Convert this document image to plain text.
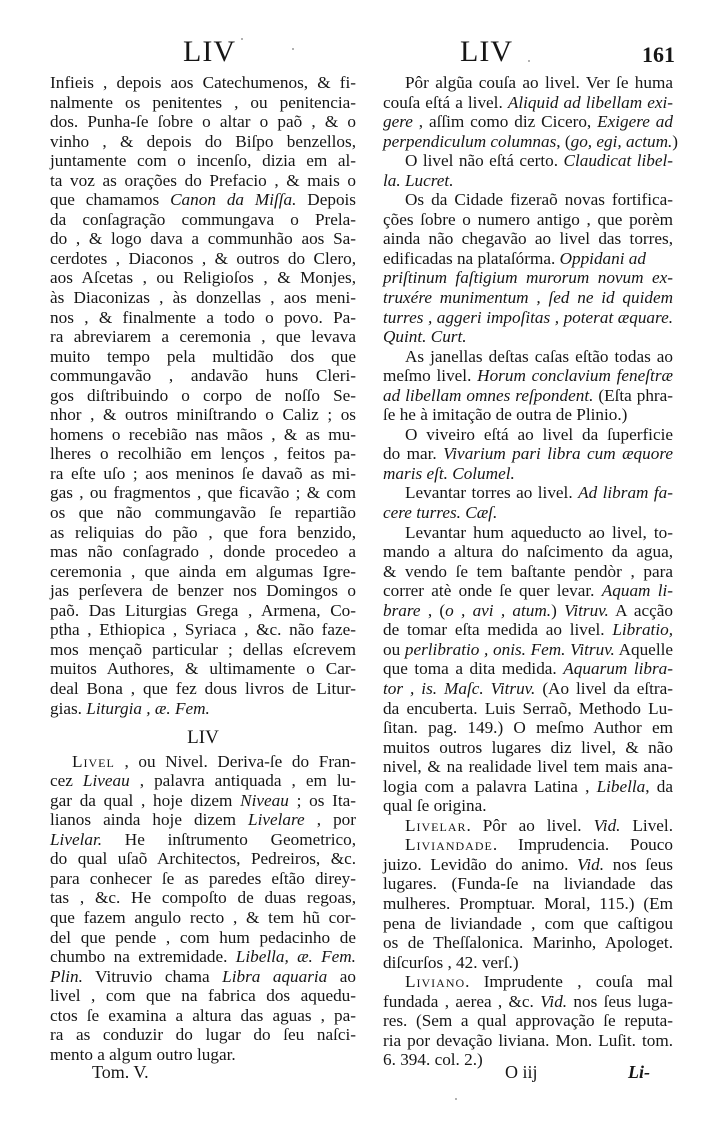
LIV	LIV	161
Infieis , depois aos Catechumenos, & fi-
nalmente os penitentes , ou penitencia-
dos. Punha-ſe ſobre o altar o paõ , & o
vinho , & depois do Biſpo benzellos,
juntamente com o incenſo, dizia em al-
ta voz as orações do Prefacio , & mais o
que chamamos Canon da Miſſa. Depois
da conſagração commungava o Prela-
do , & logo dava a communhão aos Sa-
cerdotes , Diaconos , & outros do Clero,
aos Aſcetas , ou Religioſos , & Monjes,
às Diaconizas , às donzellas , aos meni-
nos , & finalmente a todo o povo. Pa-
ra abreviarem a ceremonia , que levava
muito tempo pela multidão dos que
commungavão , andavão huns Cleri-
gos diſtribuindo o corpo de noſſo Se-
nhor , & outros miniſtrando o Caliz ; os
homens o recebião nas mãos , & as mu-
lheres o recolhião em lenços , feitos pa-
ra eſte uſo ; aos meninos ſe davaõ as mi-
gas , ou fragmentos , que ficavão ; & com
os que não commungavão ſe repartião
as reliquias do pão , que fora benzido,
mas não conſagrado , donde procedeo a
ceremonia , que ainda em algumas Igre-
jas perſevera de benzer nos Domingos o
paõ. Das Liturgias Grega , Armena, Co-
ptha , Ethiopica , Syriaca , &c. não faze-
mos mençaõ particular ; dellas eſcrevem
muitos Authores, & ultimamente o Car-
deal Bona , que fez dous livros de Litur-
gias. Liturgia , æ. Fem.
LIV
Livel , ou Nivel. Deriva-ſe do Fran-
cez Liveau , palavra antiquada , em lu-
gar da qual , hoje dizem Niveau ; os Ita-
lianos ainda hoje dizem Livelare , por
Livelar. He inſtrumento Geometrico,
do qual uſaõ Architectos, Pedreiros, &c.
para conhecer ſe as paredes eſtão direy-
tas , &c. He compoſto de duas regoas,
que fazem angulo recto , & tem hũ cor-
del que pende , com hum pedacinho de
chumbo na extremidade. Libella, æ. Fem.
Plin. Vitruvio chama Libra aquaria ao
livel , com que na fabrica dos aquedu-
ctos ſe examina a altura das aguas , pa-
ra as conduzir do lugar do ſeu naſci-
mento a algum outro lugar.
Pôr algũa couſa ao livel. Ver ſe huma
couſa eſtá a livel. Aliquid ad libellam exi-
gere , aſſim como diz Cicero, Exigere ad
perpendiculum columnas, (go, egi, actum.)
O livel não eſtá certo. Claudicat libel-
la. Lucret.
Os da Cidade fizeraõ novas fortifica-
ções ſobre o numero antigo , que porèm
ainda não chegavão ao livel das torres,
edificadas na plataſórma. Oppidani ad
priſtinum faſtigium murorum novum ex-
truxére munimentum , ſed ne id quidem
turres , aggeri impoſitas , poterat æquare.
Quint. Curt.
As janellas deſtas caſas eſtão todas ao
meſmo livel. Horum conclavium feneſtræ
ad libellam omnes reſpondent. (Eſta phra-
ſe he à imitação de outra de Plinio.)
O viveiro eſtá ao livel da ſuperficie
do mar. Vivarium pari libra cum æquore
maris eſt. Columel.
Levantar torres ao livel. Ad libram fa-
cere turres. Cæſ.
Levantar hum aqueducto ao livel, to-
mando a altura do naſcimento da agua,
& vendo ſe tem baſtante pendòr , para
correr atè onde ſe quer levar. Aquam li-
brare , (o , avi , atum.) Vitruv. A acção
de tomar eſta medida ao livel. Libratio,
ou perlibratio , onis. Fem. Vitruv. Aquelle
que toma a dita medida. Aquarum libra-
tor , is. Maſc. Vitruv. (Ao livel da eſtra-
da encuberta. Luis Serraõ, Methodo Lu-
ſitan. pag. 149.) O meſmo Author em
muitos outros lugares diz livel, & não
nivel, & na realidade livel tem mais ana-
logia com a palavra Latina , Libella, da
qual ſe origina.
Livelar. Pôr ao livel. Vid. Livel.
Liviandade. Imprudencia. Pouco
juizo. Levidão do animo. Vid. nos ſeus
lugares. (Funda-ſe na liviandade das
mulheres. Promptuar. Moral, 115.) (Em
pena de liviandade , com que caſtigou
os de Theſſalonica. Marinho, Apologet.
diſcurſos , 42. verſ.)
Liviano. Imprudente , couſa mal
fundada , aerea , &c. Vid. nos ſeus luga-
res. (Sem a qual approvação ſe reputa-
ria por devação liviana. Mon. Luſit. tom.
6. 394. col. 2.)
Tom. V.	O iij	Li-
